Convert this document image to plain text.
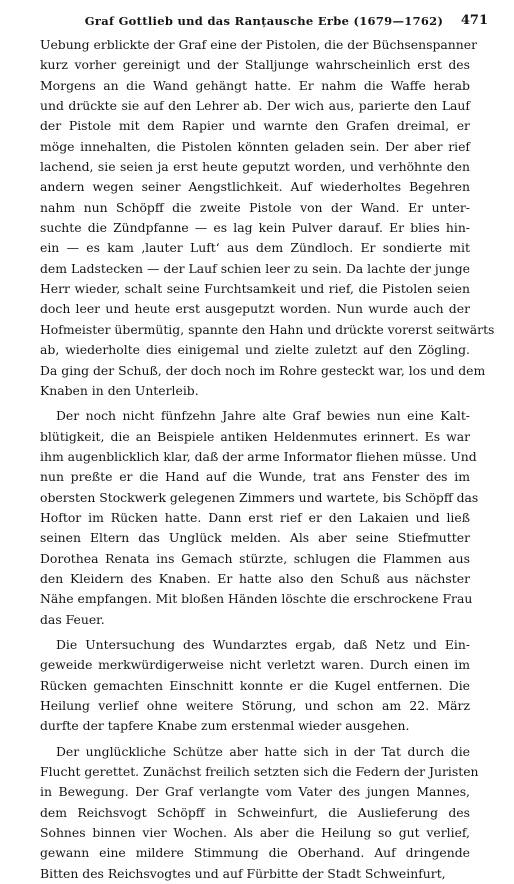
Graf Gottlieb und das Ranțausche Erbe (1679—1762) 471
Uebung erblickte der Graf eine der Pistolen, die der Büchsenspanner
kurz vorher gereinigt und der Stalljunge wahrscheinlich erst des
Morgens an die Wand gehängt hatte. Er nahm die Waffe herab
und drückte sie auf den Lehrer ab. Der wich aus, parierte den Lauf
der Pistole mit dem Rapier und warnte den Grafen dreimal, er
möge innehalten, die Pistolen könnten geladen sein. Der aber rief
lachend, sie seien ja erst heute geputzt worden, und verhöhnte den
andern wegen seiner Aengstlichkeit. Auf wiederholtes Begehren
nahm nun Schöpff die zweite Pistole von der Wand. Er unter-
suchte die Zündpfanne — es lag kein Pulver darauf. Er blies hin-
ein — es kam ‚lauter Luft‘ aus dem Zündloch. Er sondierte mit
dem Ladstecken — der Lauf schien leer zu sein. Da lachte der junge
Herr wieder, schalt seine Furchtsamkeit und rief, die Pistolen seien
doch leer und heute erst ausgeputzt worden. Nun wurde auch der
Hofmeister übermütig, spannte den Hahn und drückte vorerst seitwärts
ab, wiederholte dies einigemal und zielte zuletzt auf den Zögling.
Da ging der Schuß, der doch noch im Rohre gesteckt war, los und dem
Knaben in den Unterleib.
Der noch nicht fünfzehn Jahre alte Graf bewies nun eine Kalt-
blütigkeit, die an Beispiele antiken Heldenmutes erinnert. Es war
ihm augenblicklich klar, daß der arme Informator fliehen müsse. Und
nun preßte er die Hand auf die Wunde, trat ans Fenster des im
obersten Stockwerk gelegenen Zimmers und wartete, bis Schöpff das
Hoftor im Rücken hatte. Dann erst rief er den Lakaien und ließ
seinen Eltern das Unglück melden. Als aber seine Stiefmutter
Dorothea Renata ins Gemach stürzte, schlugen die Flammen aus
den Kleidern des Knaben. Er hatte also den Schuß aus nächster
Nähe empfangen. Mit bloßen Händen löschte die erschrockene Frau
das Feuer.
Die Untersuchung des Wundarztes ergab, daß Netz und Ein-
geweide merkwürdigerweise nicht verletzt waren. Durch einen im
Rücken gemachten Einschnitt konnte er die Kugel entfernen. Die
Heilung verlief ohne weitere Störung, und schon am 22. März
durfte der tapfere Knabe zum erstenmal wieder ausgehen.
Der unglückliche Schütze aber hatte sich in der Tat durch die
Flucht gerettet. Zunächst freilich setzten sich die Federn der Juristen
in Bewegung. Der Graf verlangte vom Vater des jungen Mannes,
dem Reichsvogt Schöpff in Schweinfurt, die Auslieferung des
Sohnes binnen vier Wochen. Als aber die Heilung so gut verlief,
gewann eine mildere Stimmung die Oberhand. Auf dringende
Bitten des Reichsvogtes und auf Fürbitte der Stadt Schweinfurt,
